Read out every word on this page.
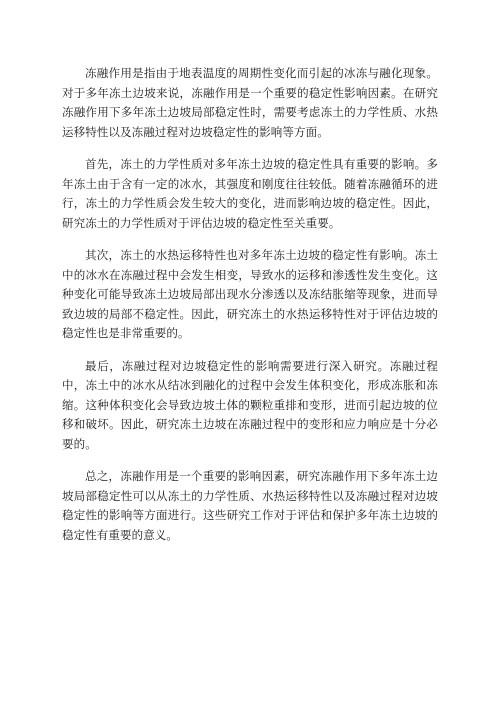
冻融作用是指由于地表温度的周期性变化而引起的冰冻与融化现象。对于多年冻土边坡来说，冻融作用是一个重要的稳定性影响因素。在研究冻融作用下多年冻土边坡局部稳定性时，需要考虑冻土的力学性质、水热运移特性以及冻融过程对边坡稳定性的影响等方面。

首先，冻土的力学性质对多年冻土边坡的稳定性具有重要的影响。多年冻土由于含有一定的冰水，其强度和刚度往往较低。随着冻融循环的进行，冻土的力学性质会发生较大的变化，进而影响边坡的稳定性。因此，研究冻土的力学性质对于评估边坡的稳定性至关重要。

其次，冻土的水热运移特性也对多年冻土边坡的稳定性有影响。冻土中的冰水在冻融过程中会发生相变，导致水的运移和渗透性发生变化。这种变化可能导致冻土边坡局部出现水分渗透以及冻结胀缩等现象，进而导致边坡的局部不稳定性。因此，研究冻土的水热运移特性对于评估边坡的稳定性也是非常重要的。

最后，冻融过程对边坡稳定性的影响需要进行深入研究。冻融过程中，冻土中的冰水从结冰到融化的过程中会发生体积变化，形成冻胀和冻缩。这种体积变化会导致边坡土体的颗粒重排和变形，进而引起边坡的位移和破坏。因此，研究冻土边坡在冻融过程中的变形和应力响应是十分必要的。

总之，冻融作用是一个重要的影响因素，研究冻融作用下多年冻土边坡局部稳定性可以从冻土的力学性质、水热运移特性以及冻融过程对边坡稳定性的影响等方面进行。这些研究工作对于评估和保护多年冻土边坡的稳定性有重要的意义。
